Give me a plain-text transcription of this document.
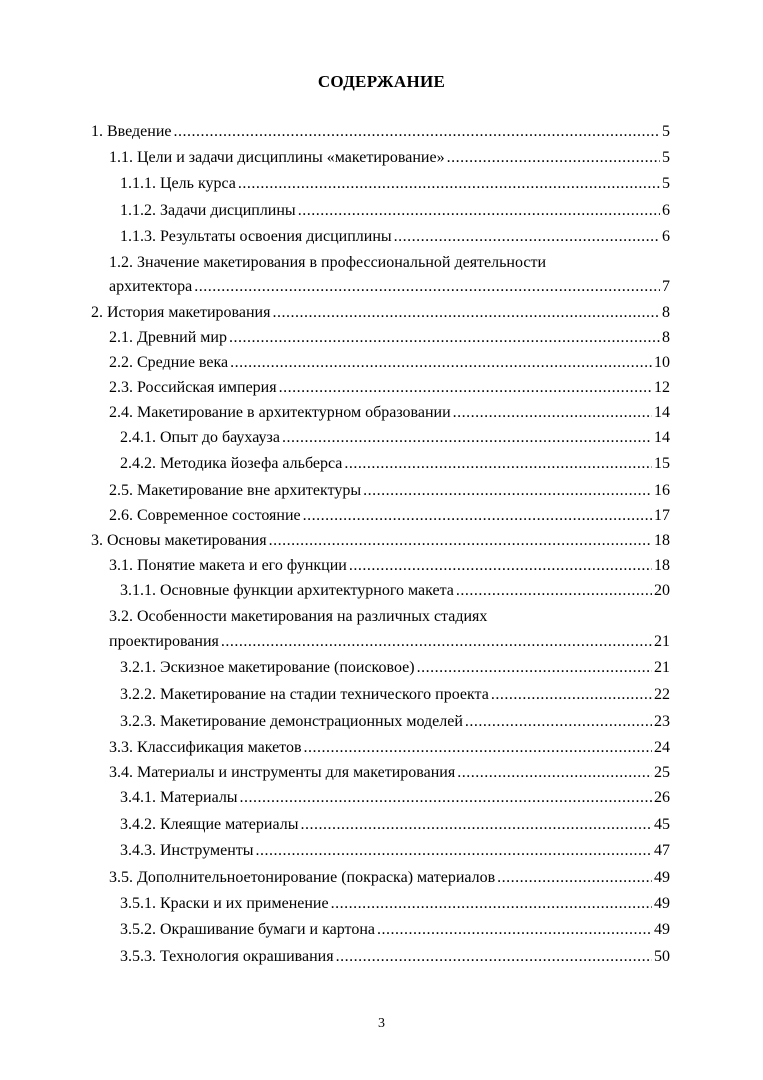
СОДЕРЖАНИЕ
1. Введение .....	5
1.1. Цели и задачи дисциплины «макетирование» .....	5
1.1.1. Цель курса .....	5
1.1.2. Задачи дисциплины .....	6
1.1.3. Результаты освоения дисциплины .....	6
1.2. Значение макетирования в профессиональной деятельности
архитектора .....	7
2. История макетирования .....	8
2.1. Древний мир .....	8
2.2. Средние века .....	10
2.3. Российская империя .....	12
2.4. Макетирование в архитектурном образовании .....	14
2.4.1. Опыт до баухауза .....	14
2.4.2. Методика йозефа альберса .....	15
2.5. Макетирование вне архитектуры .....	16
2.6. Современное состояние .....	17
3. Основы макетирования .....	18
3.1. Понятие макета и его функции .....	18
3.1.1. Основные функции архитектурного макета .....	20
3.2. Особенности макетирования на различных стадиях
проектирования .....	21
3.2.1. Эскизное макетирование (поисковое) .....	21
3.2.2. Макетирование на стадии технического проекта .....	22
3.2.3. Макетирование демонстрационных моделей .....	23
3.3. Классификация макетов .....	24
3.4. Материалы и инструменты для макетирования .....	25
3.4.1. Материалы .....	26
3.4.2. Клеящие материалы .....	45
3.4.3. Инструменты .....	47
3.5. Дополнительноетонирование (покраска) материалов .....	49
3.5.1. Краски и их применение .....	49
3.5.2. Окрашивание бумаги и картона .....	49
3.5.3. Технология окрашивания .....	50
3
